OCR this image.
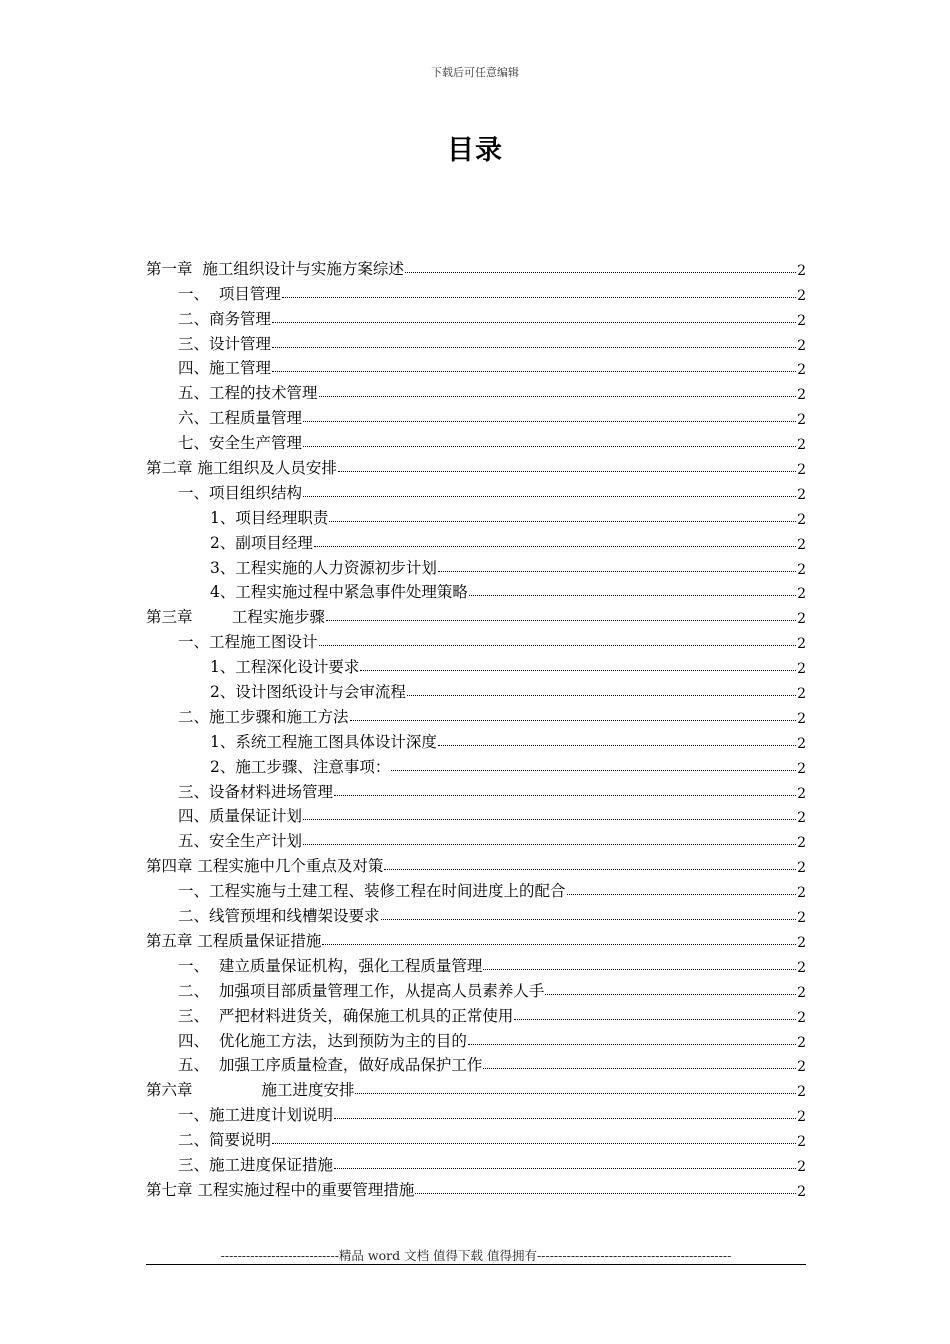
下载后可任意编辑
目录
第一章  施工组织设计与实施方案综述	2
一、  项目管理	2
二、商务管理	2
三、设计管理	2
四、施工管理	2
五、工程的技术管理	2
六、工程质量管理	2
七、安全生产管理	2
第二章 施工组织及人员安排	2
一、项目组织结构	2
1、项目经理职责	2
2、副项目经理	2
3、工程实施的人力资源初步计划	2
4、工程实施过程中紧急事件处理策略	2
第三章        工程实施步骤	2
一、工程施工图设计	2
1、工程深化设计要求	2
2、设计图纸设计与会审流程	2
二、施工步骤和施工方法	2
1、系统工程施工图具体设计深度	2
2、施工步骤、注意事项：	2
三、设备材料进场管理	2
四、质量保证计划	2
五、安全生产计划	2
第四章 工程实施中几个重点及对策	2
一、工程实施与土建工程、装修工程在时间进度上的配合	2
二、线管预埋和线槽架设要求	2
第五章 工程质量保证措施	2
一、  建立质量保证机构，强化工程质量管理	2
二、  加强项目部质量管理工作，从提高人员素养人手	2
三、  严把材料进货关，确保施工机具的正常使用	2
四、  优化施工方法，达到预防为主的目的	2
五、  加强工序质量检查，做好成品保护工作	2
第六章              施工进度安排	2
一、施工进度计划说明	2
二、简要说明	2
三、施工进度保证措施	2
第七章 工程实施过程中的重要管理措施	2
----------------------------精品 word 文档 值得下载 值得拥有----------------------------------------------
